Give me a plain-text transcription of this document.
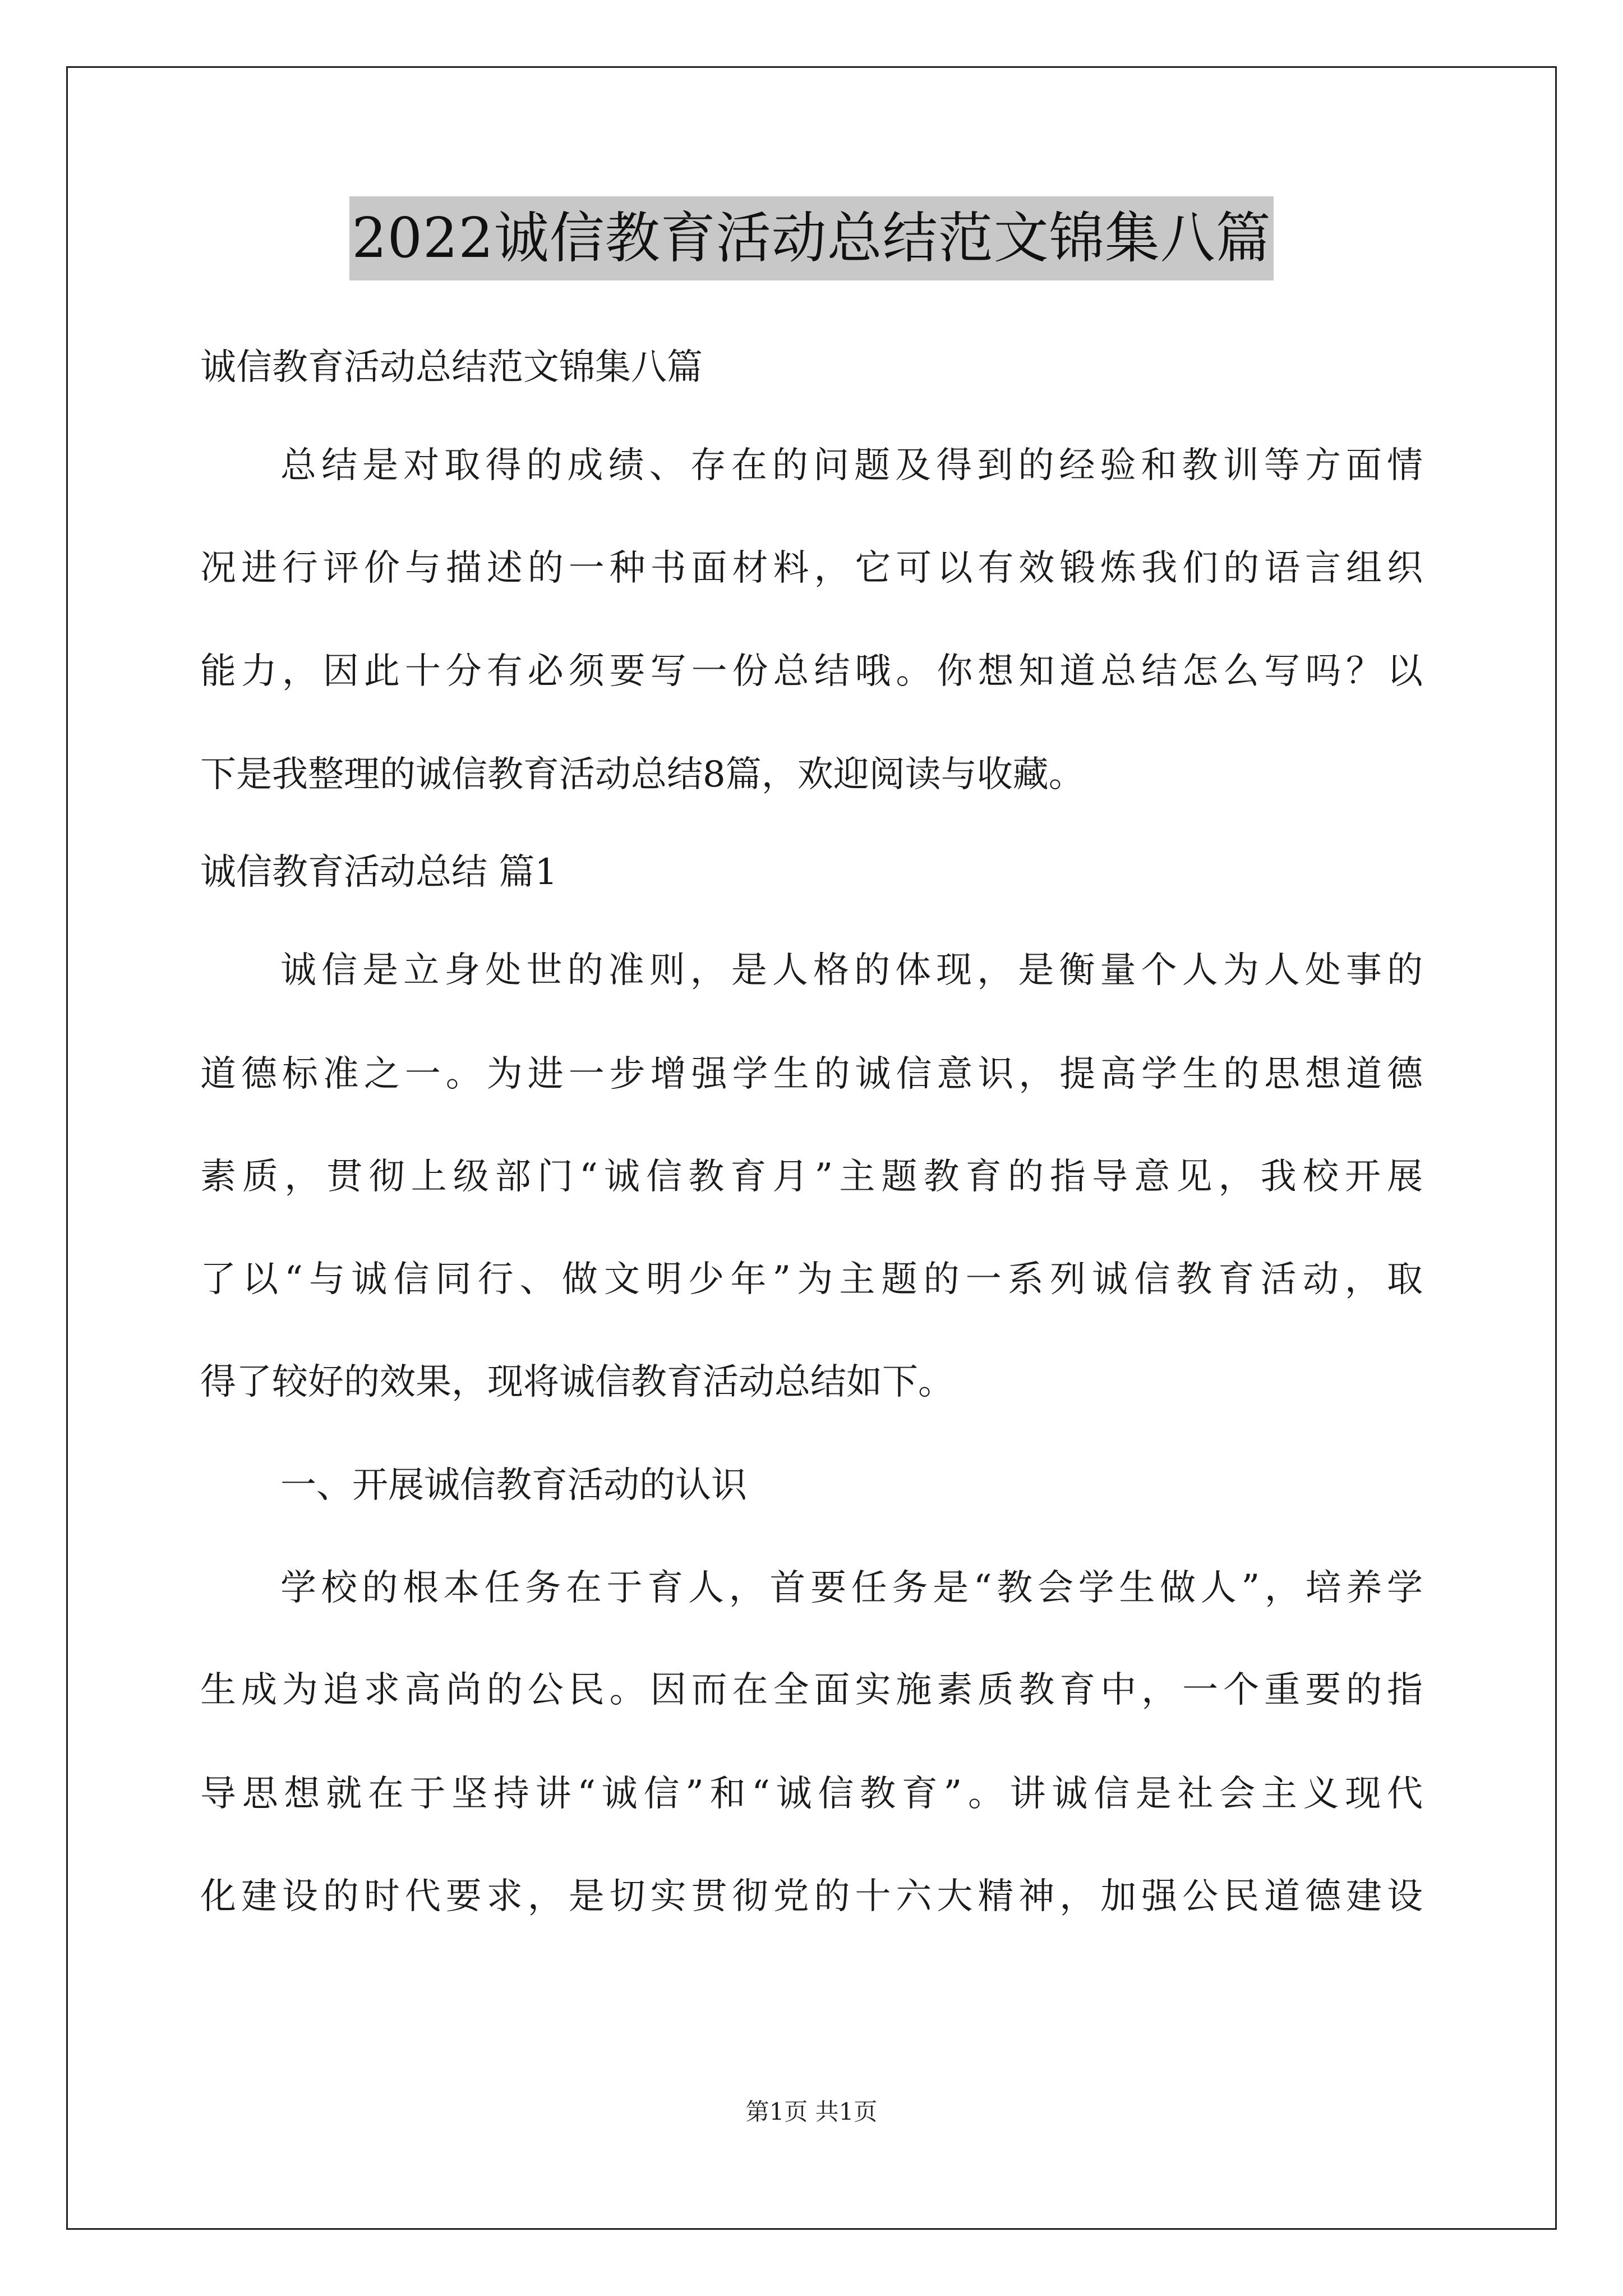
2022诚信教育活动总结范文锦集八篇
诚信教育活动总结范文锦集八篇
总结是对取得的成绩、存在的问题及得到的经验和教训等方面情
况进行评价与描述的一种书面材料，它可以有效锻炼我们的语言组织
能力，因此十分有必须要写一份总结哦。你想知道总结怎么写吗？以
下是我整理的诚信教育活动总结8篇，欢迎阅读与收藏。
诚信教育活动总结 篇1
诚信是立身处世的准则，是人格的体现，是衡量个人为人处事的
道德标准之一。为进一步增强学生的诚信意识，提高学生的思想道德
素质，贯彻上级部门“诚信教育月”主题教育的指导意见，我校开展
了以“与诚信同行、做文明少年”为主题的一系列诚信教育活动，取
得了较好的效果，现将诚信教育活动总结如下。
一、开展诚信教育活动的认识
学校的根本任务在于育人，首要任务是“教会学生做人”，培养学
生成为追求高尚的公民。因而在全面实施素质教育中，一个重要的指
导思想就在于坚持讲“诚信”和“诚信教育”。讲诚信是社会主义现代
化建设的时代要求，是切实贯彻党的十六大精神，加强公民道德建设
第1页 共1页
